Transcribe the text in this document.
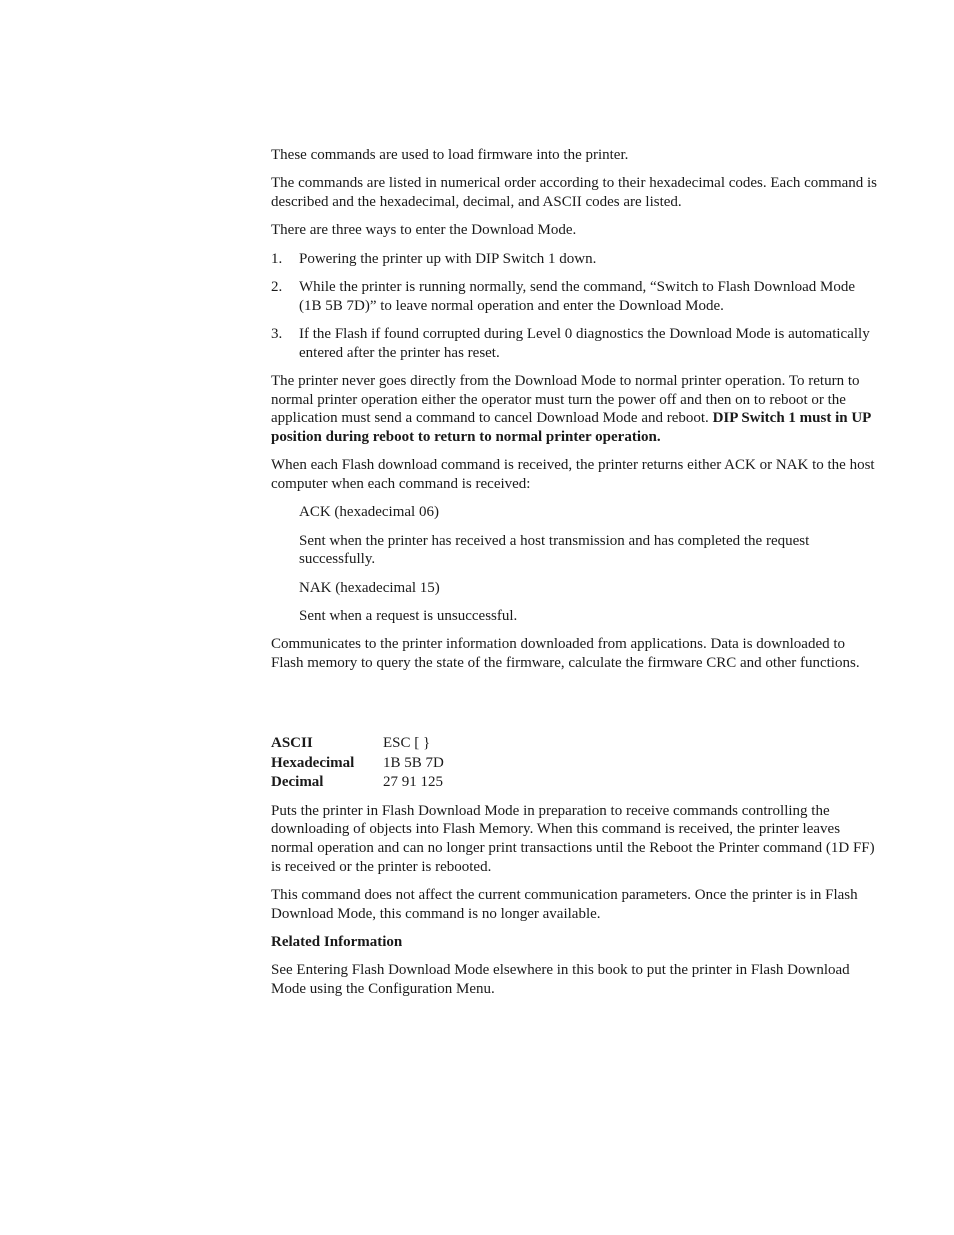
These commands are used to load firmware into the printer.

The commands are listed in numerical order according to their hexadecimal codes. Each command is described and the hexadecimal, decimal, and ASCII codes are listed.

There are three ways to enter the Download Mode.

1. Powering the printer up with DIP Switch 1 down.
2. While the printer is running normally, send the command, “Switch to Flash Download Mode (1B 5B 7D)” to leave normal operation and enter the Download Mode.
3. If the Flash if found corrupted during Level 0 diagnostics the Download Mode is automatically entered after the printer has reset.

The printer never goes directly from the Download Mode to normal printer operation. To return to normal printer operation either the operator must turn the power off and then on to reboot or the application must send a command to cancel Download Mode and reboot. DIP Switch 1 must in UP position during reboot to return to normal printer operation.

When each Flash download command is received, the printer returns either ACK or NAK to the host computer when each command is received:

ACK (hexadecimal 06)

Sent when the printer has received a host transmission and has completed the request successfully.

NAK (hexadecimal 15)

Sent when a request is unsuccessful.

Communicates to the printer information downloaded from applications. Data is downloaded to Flash memory to query the state of the firmware, calculate the firmware CRC and other functions.

ASCII	ESC [ }
Hexadecimal	1B 5B 7D
Decimal	27 91 125

Puts the printer in Flash Download Mode in preparation to receive commands controlling the downloading of objects into Flash Memory. When this command is received, the printer leaves normal operation and can no longer print transactions until the Reboot the Printer command (1D FF) is received or the printer is rebooted.

This command does not affect the current communication parameters. Once the printer is in Flash Download Mode, this command is no longer available.

Related Information

See Entering Flash Download Mode elsewhere in this book to put the printer in Flash Download Mode using the Configuration Menu.
